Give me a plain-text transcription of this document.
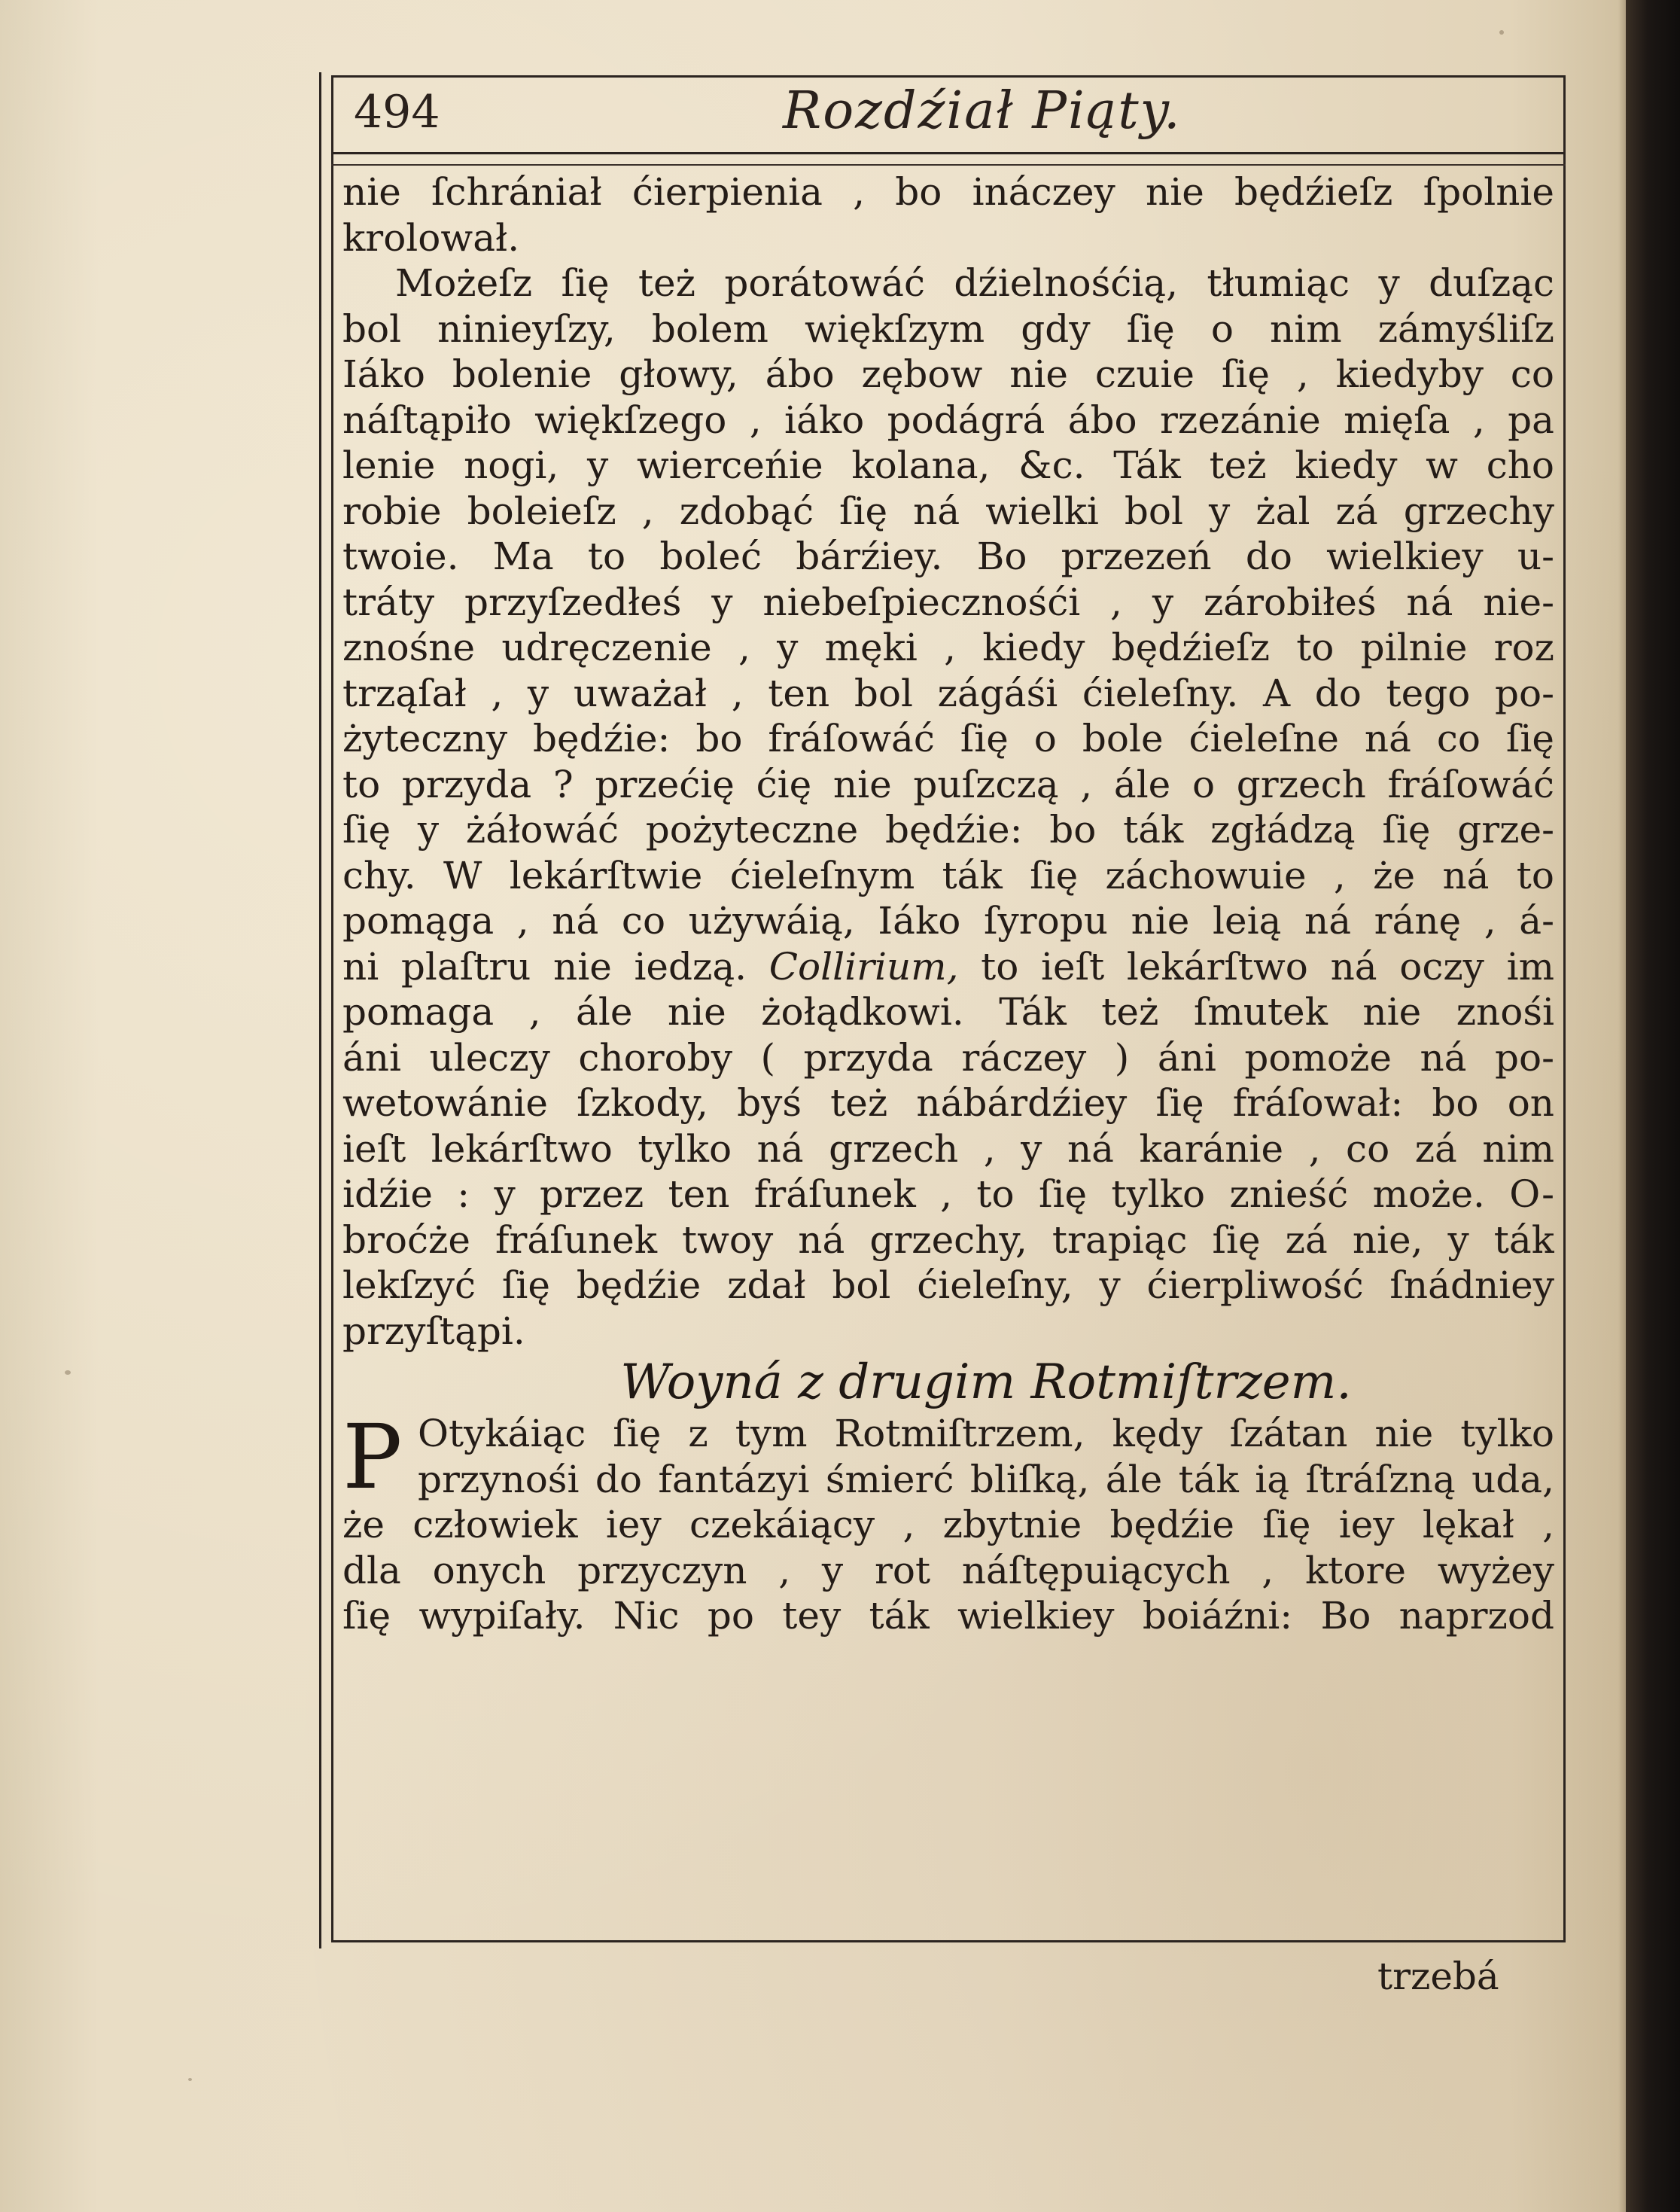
494	Rozdźiał Piąty.
nie ſchrániał ćierpienia , bo ináczey nie będźieſz ſpolnie
krolował.
Możeſz ſię też porátowáć dźielnośćią, tłumiąc y duſząc
bol ninieyſzy, bolem więkſzym gdy ſię o nim zámyśliſz
Iáko bolenie głowy, ábo zębow nie czuie ſię , kiedyby co
náſtąpiło więkſzego , iáko podágrá ábo rzezánie mięſa , pa
lenie nogi, y wierceńie kolana, &c. Ták też kiedy w cho
robie boleieſz , zdobąć ſię ná wielki bol y żal zá grzechy
twoie. Ma to boleć bárźiey. Bo przezeń do wielkiey u-
tráty przyſzedłeś y niebeſpiecznośći , y zárobiłeś ná nie-
znośne udręczenie , y męki , kiedy będźieſz to pilnie roz
trząſał , y uważał , ten bol zágáśi ćieleſny. A do tego po-
żyteczny będźie: bo fráſowáć ſię o bole ćieleſne ná co ſię
to przyda ? przećię ćię nie puſzczą , ále o grzech fráſowáć
ſię y żáłowáć pożyteczne będźie: bo ták zgłádzą ſię grze-
chy. W lekárſtwie ćieleſnym ták ſię záchowuie , że ná to
pomąga , ná co używáią, Iáko ſyropu nie leią ná ránę , á-
ni plaſtru nie iedzą. Collirium, to ieſt lekárſtwo ná oczy im
pomaga , ále nie żołądkowi. Ták też ſmutek nie znośi
áni uleczy choroby ( przyda ráczey ) áni pomoże ná po-
wetowánie ſzkody, byś też nábárdźiey ſię fráſował: bo on
ieſt lekárſtwo tylko ná grzech , y ná karánie , co zá nim
idźie : y przez ten fráſunek , to ſię tylko znieść może. O-
broćże fráſunek twoy ná grzechy, trapiąc ſię zá nie, y ták
lekſzyć ſię będźie zdał bol ćieleſny, y ćierpliwość ſnádniey
przyſtąpi.
Woyná z drugim Rotmiſtrzem.
P Otykáiąc ſię z tym Rotmiſtrzem, kędy ſzátan nie tylko
przynośi do fantázyi śmierć bliſką, ále ták ią ſtráſzną uda,
że człowiek iey czekáiący , zbytnie będźie ſię iey lękał ,
dla onych przyczyn , y rot náſtępuiących , ktore wyżey
ſię wypiſały. Nic po tey ták wielkiey boiáźni: Bo naprzod
trzebá
